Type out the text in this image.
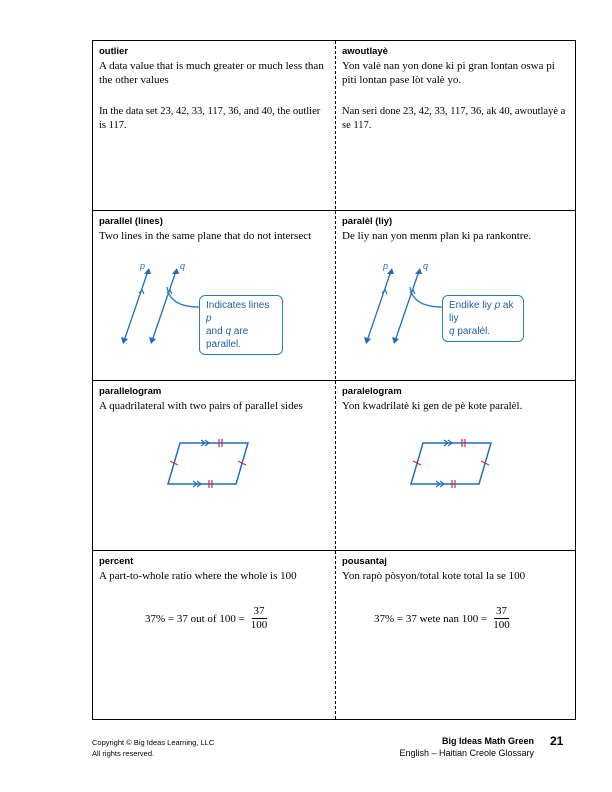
outlier
A data value that is much greater or much less than the other values
In the data set 23, 42, 33, 117, 36, and 40, the outlier is 117.
awoutlayè
Yon valè nan yon done ki pi gran lontan oswa pi piti lontan pase lòt valè yo.
Nan seri done 23, 42, 33, 117, 36, ak 40, awoutlayè a se 117.
parallel (lines)
Two lines in the same plane that do not intersect
p	q
Indicates lines p
and q are parallel.
paralèl (liy)
De liy nan yon menm plan ki pa rankontre.
p	q
Endike liy p ak liy
q paralèl.
parallelogram
A quadrilateral with two pairs of parallel sides
paralelogram
Yon kwadrilatè ki gen de pè kote paralèl.
percent
A part-to-whole ratio where the whole is 100
37% = 37 out of $100 = \frac{37}{100}$
pousantaj
Yon rapò pòsyon/total kote total la se 100
37% = 37 wete nan $100 = \frac{37}{100}$
Copyright © Big Ideas Learning, LLC
All rights reserved.
Big Ideas Math Green
English – Haitian Creole Glossary
21
